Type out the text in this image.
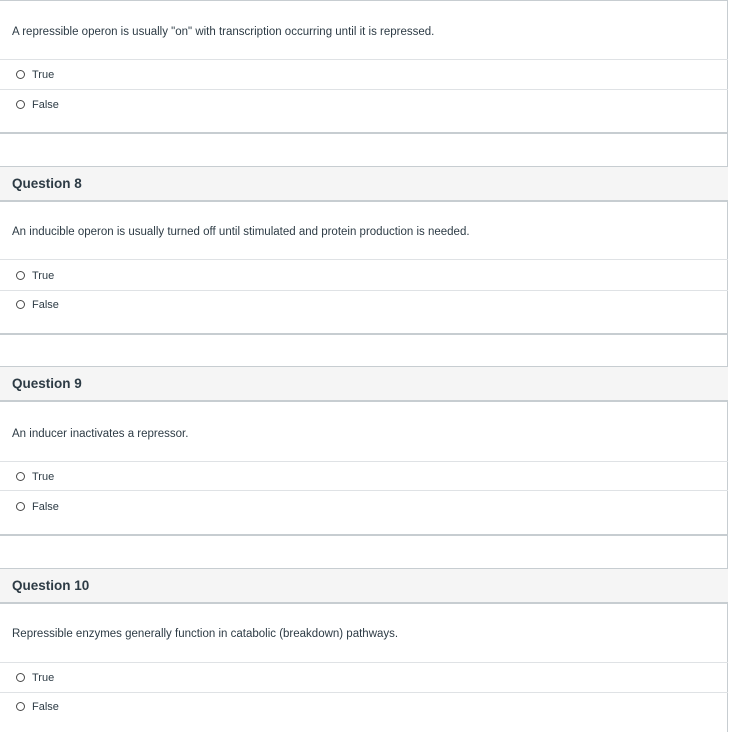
A repressible operon is usually "on" with transcription occurring until it is repressed.
True
False
Question 8
An inducible operon is usually turned off until stimulated and protein production is needed.
True
False
Question 9
An inducer inactivates a repressor.
True
False
Question 10
Repressible enzymes generally function in catabolic (breakdown) pathways.
True
False
